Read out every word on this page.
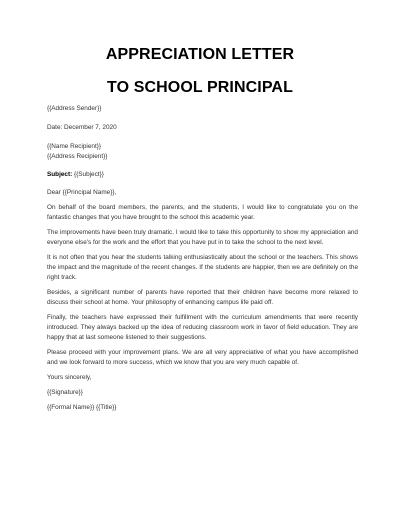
APPRECIATION LETTER
TO SCHOOL PRINCIPAL

{{Address Sender}}

Date: December 7, 2020

{{Name Recipient}}

{{Address Recipient}}

Subject: {{Subject}}

Dear {{Principal Name}},

On behalf of the board members, the parents, and the students, I would like to congratulate you on the fantastic changes that you have brought to the school this academic year.

The improvements have been truly dramatic. I would like to take this opportunity to show my appreciation and everyone else's for the work and the effort that you have put in to take the school to the next level.

It is not often that you hear the students talking enthusiastically about the school or the teachers. This shows the impact and the magnitude of the recent changes. If the students are happier, then we are definitely on the right track.

Besides, a significant number of parents have reported that their children have become more relaxed to discuss their school at home. Your philosophy of enhancing campus life paid off.

Finally, the teachers have expressed their fulfillment with the curriculum amendments that were recently introduced. They always backed up the idea of reducing classroom work in favor of field education. They are happy that at last someone listened to their suggestions.

Please proceed with your improvement plans. We are all very appreciative of what you have accomplished and we look forward to more success, which we know that you are very much capable of.

Yours sincerely,

{{Signature}}

{{Formal Name}} {{Title}}
